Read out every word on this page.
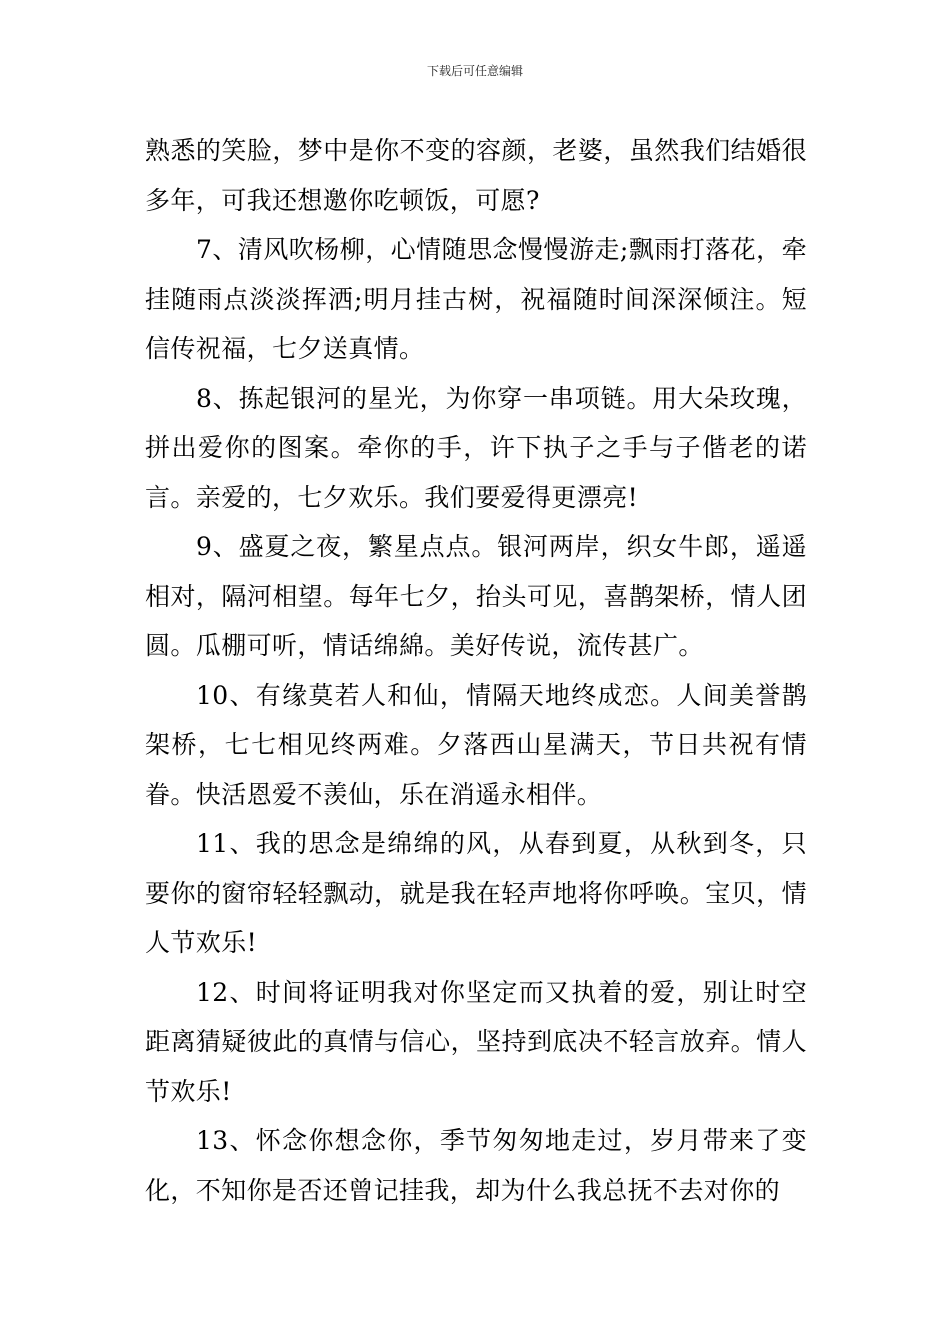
下载后可任意编辑

熟悉的笑脸，梦中是你不变的容颜，老婆，虽然我们结婚很多年，可我还想邀你吃顿饭，可愿?

7、清风吹杨柳，心情随思念慢慢游走;飘雨打落花，牵挂随雨点淡淡挥洒;明月挂古树，祝福随时间深深倾注。短信传祝福，七夕送真情。

8、拣起银河的星光，为你穿一串项链。用大朵玫瑰，拼出爱你的图案。牵你的手，许下执子之手与子偕老的诺言。亲爱的，七夕欢乐。我们要爱得更漂亮!

9、盛夏之夜，繁星点点。银河两岸，织女牛郎，遥遥相对，隔河相望。每年七夕，抬头可见，喜鹊架桥，情人团圆。瓜棚可听，情话绵綿。美好传说，流传甚广。

10、有缘莫若人和仙，情隔天地终成恋。人间美誉鹊架桥，七七相见终两难。夕落西山星满天，节日共祝有情眷。快活恩爱不羡仙，乐在消遥永相伴。

11、我的思念是绵绵的风，从春到夏，从秋到冬，只要你的窗帘轻轻飘动，就是我在轻声地将你呼唤。宝贝，情人节欢乐!

12、时间将证明我对你坚定而又执着的爱，别让时空距离猜疑彼此的真情与信心，坚持到底决不轻言放弃。情人节欢乐!

13、怀念你想念你，季节匆匆地走过，岁月带来了变化，不知你是否还曾记挂我，却为什么我总抚不去对你的
